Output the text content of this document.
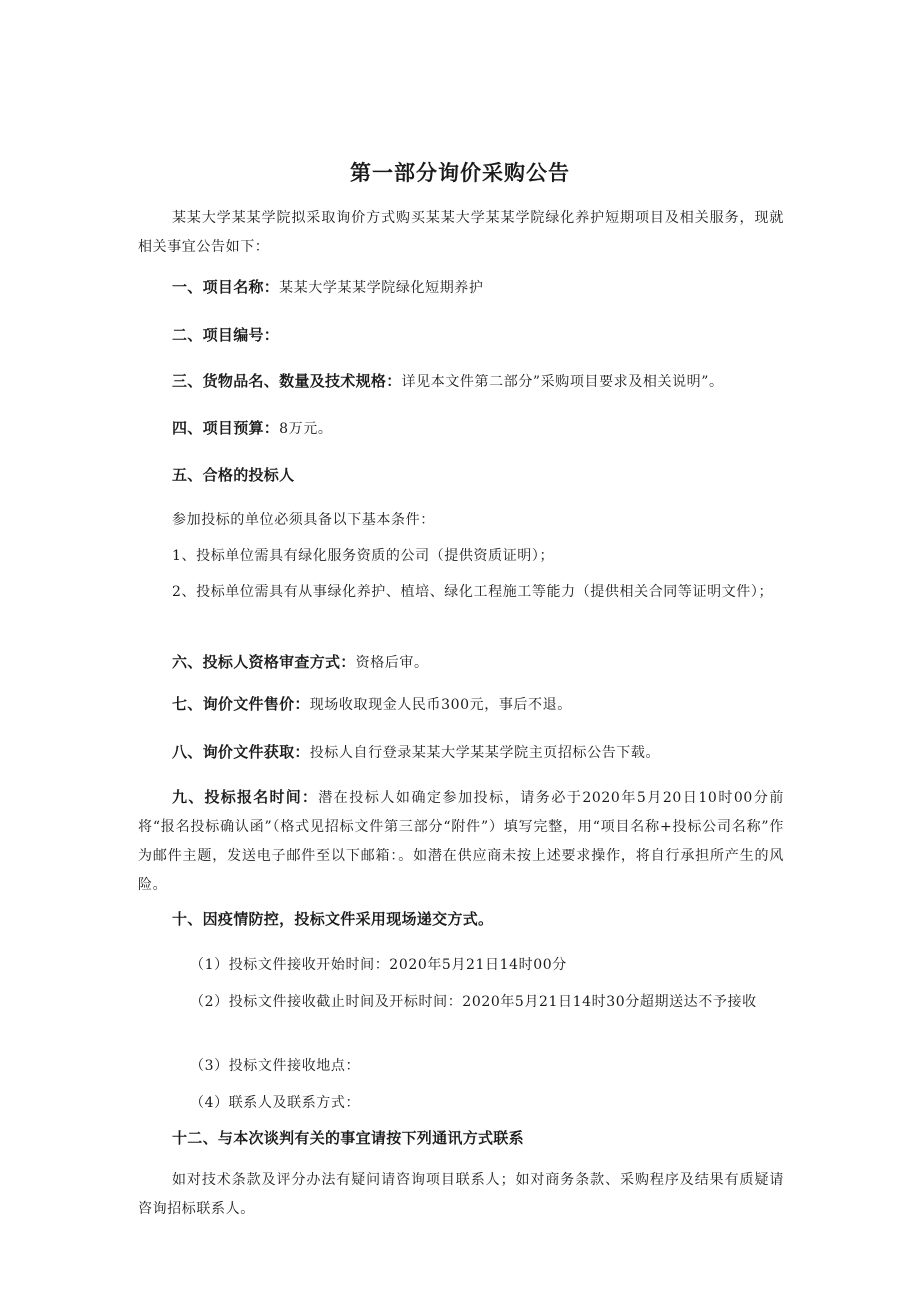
第一部分询价采购公告

某某大学某某学院拟采取询价方式购买某某大学某某学院绿化养护短期项目及相关服务，现就相关事宜公告如下：

一、项目名称：某某大学某某学院绿化短期养护

二、项目编号：

三、货物品名、数量及技术规格：详见本文件第二部分”采购项目要求及相关说明”。

四、项目预算：8万元。

五、合格的投标人

参加投标的单位必须具备以下基本条件：

1、投标单位需具有绿化服务资质的公司（提供资质证明）；

2、投标单位需具有从事绿化养护、植培、绿化工程施工等能力（提供相关合同等证明文件）；

六、投标人资格审查方式：资格后审。

七、询价文件售价：现场收取现金人民币300元，事后不退。

八、询价文件获取：投标人自行登录某某大学某某学院主页招标公告下载。

九、投标报名时间：潜在投标人如确定参加投标，请务必于2020年5月20日10时00分前将“报名投标确认函”（格式见招标文件第三部分“附件”）填写完整，用“项目名称+投标公司名称”作为邮件主题，发送电子邮件至以下邮箱：。如潜在供应商未按上述要求操作，将自行承担所产生的风险。

十、因疫情防控，投标文件采用现场递交方式。

（1）投标文件接收开始时间：2020年5月21日14时00分

（2）投标文件接收截止时间及开标时间：2020年5月21日14时30分超期送达不予接收

（3）投标文件接收地点：

（4）联系人及联系方式：

十二、与本次谈判有关的事宜请按下列通讯方式联系

如对技术条款及评分办法有疑问请咨询项目联系人；如对商务条款、采购程序及结果有质疑请咨询招标联系人。
